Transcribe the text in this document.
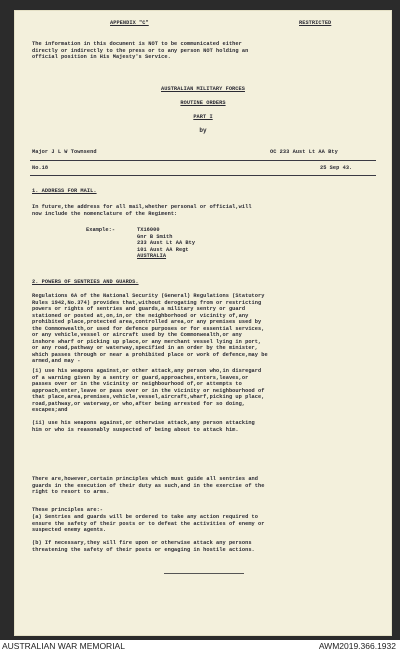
APPENDIX "C"	RESTRICTED
The information in this document is NOT to be communicated either
directly or indirectly to the press or to any person NOT holding an
official position in His Majesty's Service.
AUSTRALIAN MILITARY FORCES
ROUTINE ORDERS
PART I
by
Major J L W Townsend	OC 233 Aust Lt AA Bty
No.18	25 Sep 43.
1. ADDRESS FOR MAIL.
In future,the address for all mail,whether personal or official,will
now include the nomenclature of the Regiment:
Example:-	TX16000
Gnr B Smith
233 Aust Lt AA Bty
101 Aust AA Regt
AUSTRALIA
2. POWERS OF SENTRIES AND GUARDS.
Regulations 6A of the National Security (General) Regulations (Statutory
Rules 1942,No.374) provides that,without derogating from or restricting
powers or rights of sentries and guards,a military sentry or guard
stationed or posted at,on,in,or the neighborhood or vicinity of,any
prohibited place,protected area,controlled area,or any premises used by
the Commonwealth,or used for defence purposes or for essential services,
or any vehicle,vessel or aircraft used by the Commonwealth,or any
inshore wharf or picking up place,or any merchant vessel lying in port,
or any road,pathway or waterway,specified in an order by the minister,
which passes through or near a prohibited place or work of defence,may be
armed,and may -
(i) use his weapons against,or other attack,any person who,in disregard
of a warning given by a sentry or guard,approaches,enters,leaves,or
passes over or in the vicinity or neighbourhood of,or attempts to
approach,enter,leave or pass over or in the vicinity or neighbourhood of
that place,area,premises,vehicle,vessel,aircraft,wharf,picking up place,
road,pathway,or waterway,or who,after being arrested for so doing,
escapes;and
(ii) use his weapons against,or otherwise attack,any person attacking
him or who is reasonably suspected of being about to attack him.
There are,however,certain principles which must guide all sentries and
guards in the execution of their duty as such,and in the exercise of the
right to resort to arms.
These principles are:-
(a) Sentries and guards will be ordered to take any action required to
ensure the safety of their posts or to defeat the activities of enemy or
suspected enemy agents.
(b) If necessary,they will fire upon or otherwise attack any persons
threatening the safety of their posts or engaging in hostile actions.
AUSTRALIAN WAR MEMORIAL	AWM2019.366.1932
